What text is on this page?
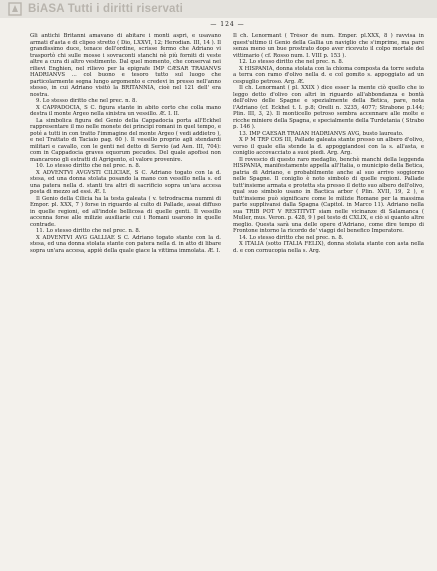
BiASA Tutti i diritti riservati
— 124 —

Gli antichi Britanni amavano di abitare i monti aspri, e usavano armati d'asta e di clipeo stretto ( Dio, LXXVI, 12; Herodian. III, 14 ). Il grandissimo duce, tenace dell'ordine, scrisse fermo che Adriano vi trasportò chi sulle mosse i sovraconti stanchi nè più forniti di veste altre a cura di altro vestimento. Dal quel momento, che conservai nei rilievi Enghien, nel rilievo per la epigrafe IMP CÆSAR TRAIANVS HADRIANVS ... col buono e tesoro tutto sul luogo che particolarmente segna lungo argomento e credevi in presso nell'anno stesso, in cui Adriano visitò la BRITANNIA, cioè nel 121 dell' era nostra.

9. Lo stesso diritto che nel prec. n. 8.

X CAPPADOCIA, S C. figura stante in abito corto che colla mano destra il monte Argeo nella sinistra un vessillo. Æ. I. II.

La simbolica figura del Genio della Cappadocia porta all'Eckhel rappresentare il mo nelle monete dei principi romani in quel tempo, e poté a tutti in con tratto l'immagine del monte Argeo ( vedi addietro ), e nel Trattato di Taciaio pag. 60 ). Il vessillo proprio agli stendardi militari e cavallo, con le genti nel detto di Servio (ad Aen. III, 704): com in Cappadocia graves equorum pecudes. Del quale apofissi non mancarono gli estratti di Agrigento, el valore provenire.

10. Lo stesso diritto che nel prec. n. 8.

X ADVENTVI AVGVSTI CILICIAE, S C. Adriano togato con la d. stesa, ed una donna stolata posando la mano con vessillo nella s. ed una patera nella d. stanti tra altri di sacrificio sopra un'ara accesa posta di mezzo ad essi. Æ. I.

Il Genio della Cilicia ha la testa galeata ( v. tetrodracma nummi di Empor. pl. XXX, 7 ) forse in riguardo al culto di Pallade, assai diffuso in quelle regioni, ed all'indole bellicosa di quelle genti. Il vessillo accenna forse alle milizie ausiliarie cui i Romani usarono in quelle contrade.

11. Lo stesso diritto che nel prec. n. 8.

X ADVENTVI AVG GALLIAE S C. Adriano togato stante con la d. stesa, ed una donna stolata stante con patera nella d. in atto di libare sopra un'ara accesa, appiè della quale giace la vittima immolata. Æ. I.

Il ch. Lenormant ( Trésor de num. Emper. pl.XXX, 8 ) ravvisa in quest'ultimo il Genio della Gallia un naviglio che s'imprime, ma pare senza meno un bue prostrato dopo aver ricevuto il colpo mortale del vittimario ( cf. Rosso num. I. VIII p. 153 ).

12. Lo stesso diritto che nel prec. n. 8.

X HISPANIA, donna stolata con la chioma composta da torre seduta a terra con ramo d'olivo nella d. e col gomito s. appoggiato ad un cespuglio petroso. Arg. Æ.

Il ch. Lenormant ( pl. XXIX ) dice esser la mente ciò quello che io leggo detto d'olivo con altri in riguardo all'abbondanza e bontà dell'olivo delle Spagne e spezialmente della Betica, pare, nota l'Adriano (cf. Eckhel t. I. p.8; Orelli n. 3235, 4077; Strabone p.144; Plin. III, 3, 2). Il monticello petroso sembra accennare alle molte e ricche miniere della Spagna, e specialmente della Turdetania ( Strabo p. 146 ).

13. IMP CAESAR TRAIAN HADRIANVS AVG, busto laureato.

X P M TRP COS III, Pallade galeata stante presso un albero d'olivo, verso il quale ella stende la d. appoggiandosi con la s. all'asta, e coniglio accovacciato a suoi piedi. Arg. Arg.

Il rovescio di questo raro medaglio, benchè manchi della leggenda HISPANIA, manifestamente appella all'Italia, o municipio della Betica, patria di Adriano, e probabilmente anche al suo arrivo soggiorno nelle Spagne. Il coniglio è noto simbolo di quelle regioni. Pallade tutt'insieme armata e protetta sta presso il detto suo albero dell'olivo, qual suo simbolo usano in Bactica arbor ( Plin. XVII, 19, 2 ), e tutt'insieme può significare come le milizie Romane per la massima parte supplivansi dalla Spagna (Capitol. in Marco 11). Adriano nella sua TRIB POT V RESTITVIT siam nelle vicinanze di Salamanca ( Muller, mus. Veron. p. 428, 9 ) pel testo di CXLIX, e ciò si quanto altre meglio. Questa sarà una delle opere d'Adriano, come dire tempo di Frontone intorno la ricordo de' viaggi del benefico Imperatore.

14. Lo stesso diritto che nel prec. n. 8.

X ITALIA (sotto ITALIA FELIX), donna stolata stante con asta nella d. e con cornucopia nella s. Arg.
